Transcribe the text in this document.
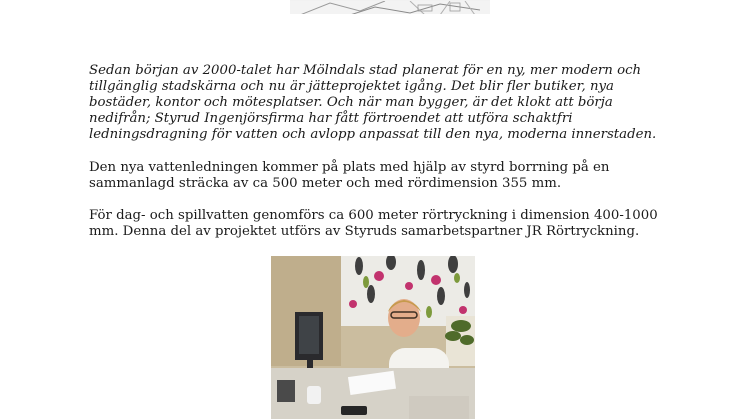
Sedan början av 2000-talet har Mölndals stad planerat för en ny, mer modern och
tillgänglig stadskärna och nu är jätteprojektet igång. Det blir fler butiker, nya
bostäder, kontor och mötesplatser. Och när man bygger, är det klokt att börja
nedifrån; Styrud Ingenjörsfirma har fått förtroendet att utföra schaktfri
ledningsdragning för vatten och avlopp anpassat till den nya, moderna innerstaden.

Den nya vattenledningen kommer på plats med hjälp av styrd borrning på en
sammanlagd sträcka av ca 500 meter och med rördimension 355 mm.

För dag- och spillvatten genomförs ca 600 meter rörtryckning i dimension 400-1000
mm. Denna del av projektet utförs av Styruds samarbetspartner JR Rörtryckning.
